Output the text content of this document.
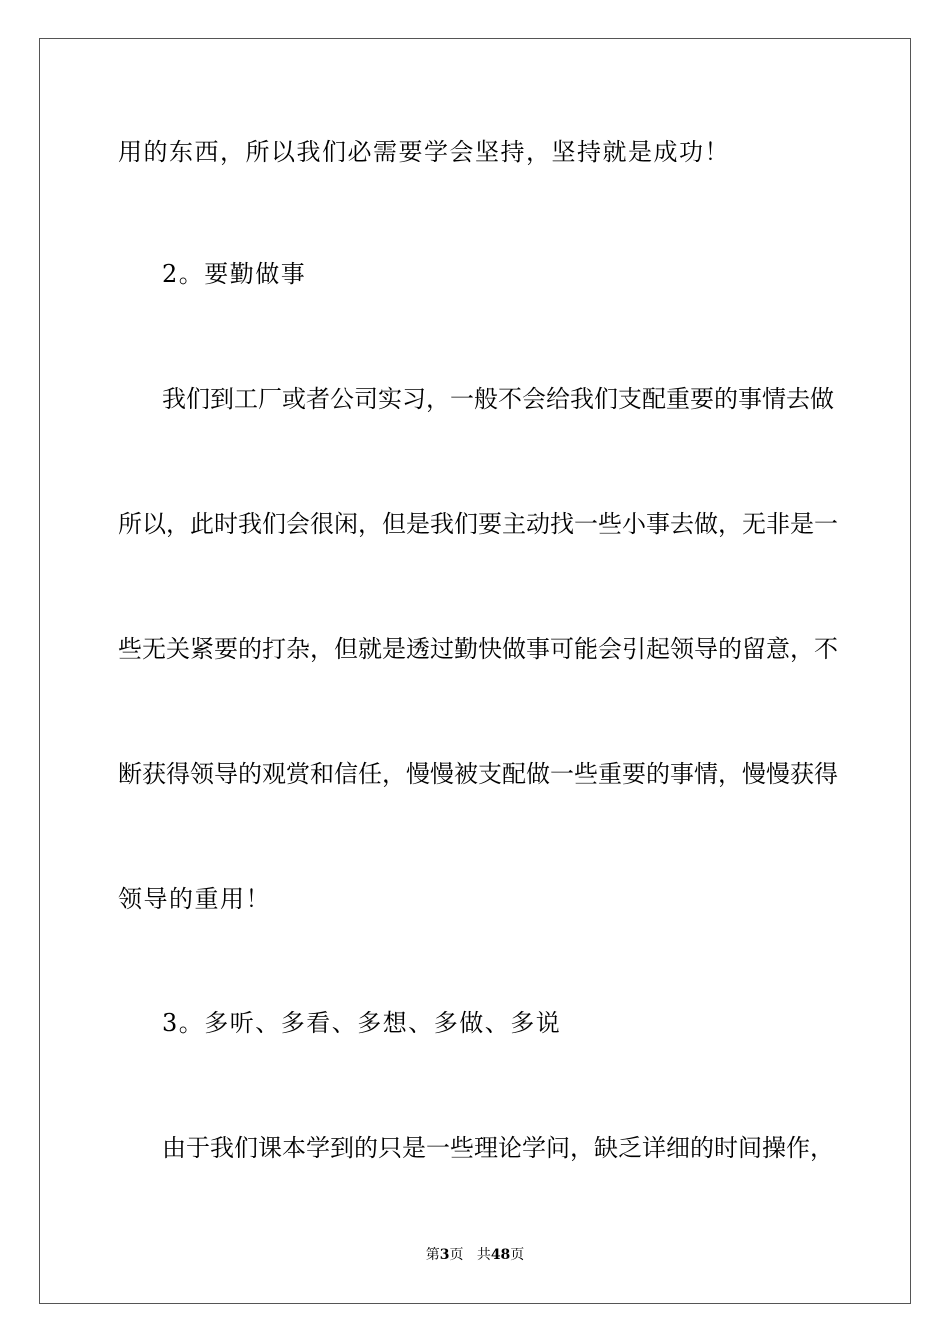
用的东西，所以我们必需要学会坚持，坚持就是成功！
2。要勤做事
我们到工厂或者公司实习，一般不会给我们支配重要的事情去做
所以，此时我们会很闲，但是我们要主动找一些小事去做，无非是一
些无关紧要的打杂，但就是透过勤快做事可能会引起领导的留意，不
断获得领导的观赏和信任，慢慢被支配做一些重要的事情，慢慢获得
领导的重用！
3。多听、多看、多想、多做、多说
由于我们课本学到的只是一些理论学问，缺乏详细的时间操作，
第3页 共48页
